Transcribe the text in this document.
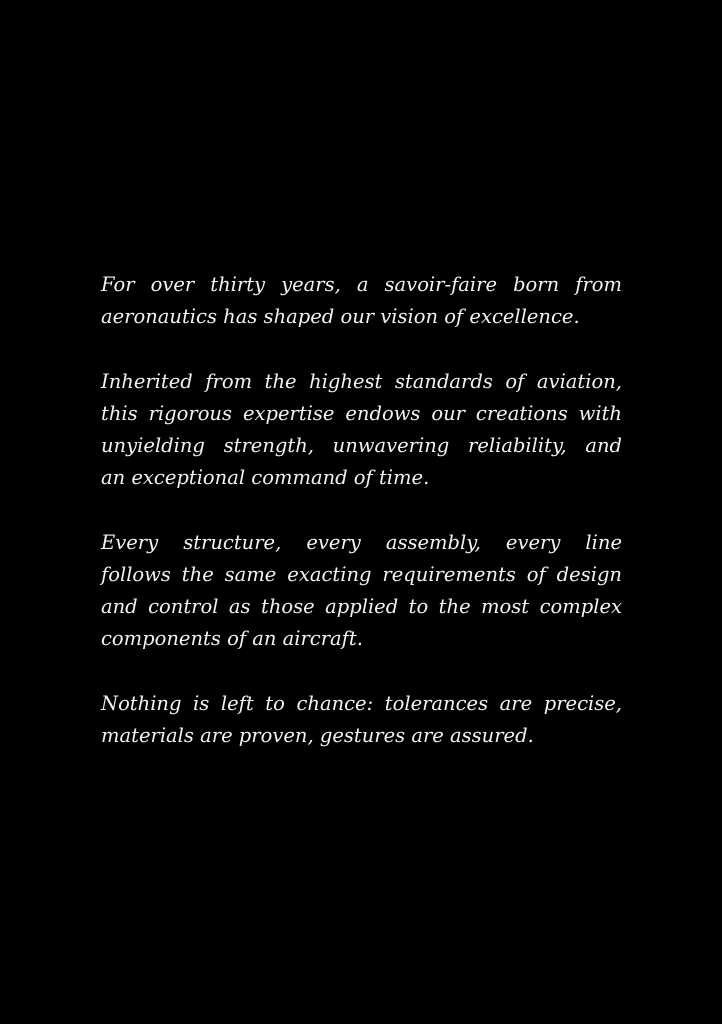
For over thirty years, a savoir-faire born from
aeronautics has shaped our vision of excellence.

Inherited from the highest standards of aviation,
this rigorous expertise endows our creations with
unyielding strength, unwavering reliability, and
an exceptional command of time.

Every structure, every assembly, every line
follows the same exacting requirements of design
and control as those applied to the most complex
components of an aircraft.

Nothing is left to chance: tolerances are precise,
materials are proven, gestures are assured.
